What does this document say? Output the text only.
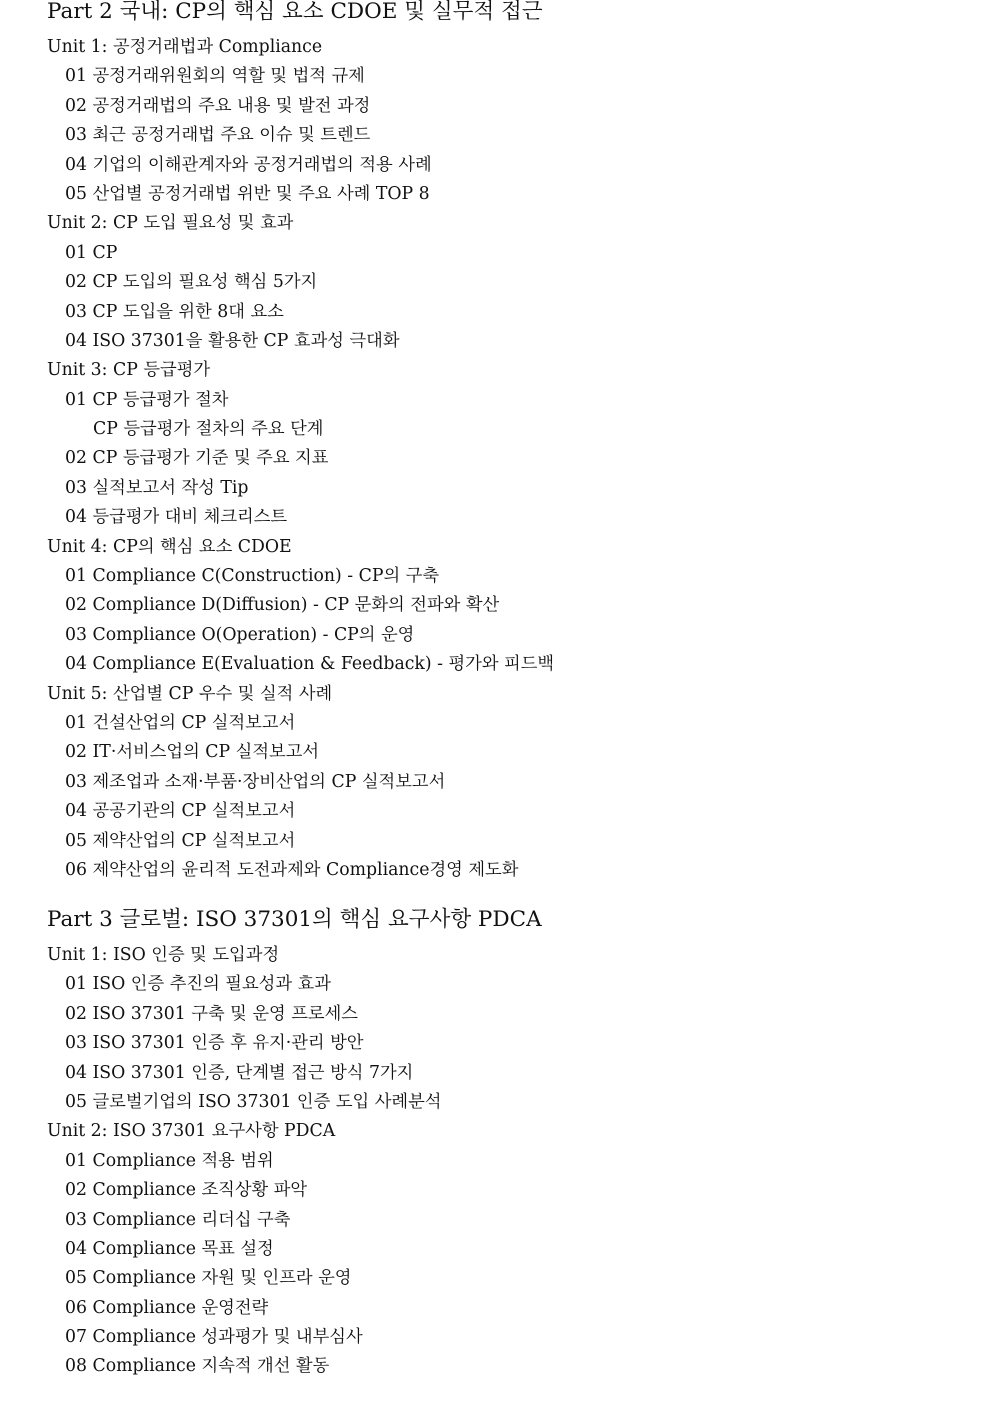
Part 2 국내: CP의 핵심 요소 CDOE 및 실무적 접근
Unit 1: 공정거래법과 Compliance
01 공정거래위원회의 역할 및 법적 규제
02 공정거래법의 주요 내용 및 발전 과정
03 최근 공정거래법 주요 이슈 및 트렌드
04 기업의 이해관계자와 공정거래법의 적용 사례
05 산업별 공정거래법 위반 및 주요 사례 TOP 8
Unit 2: CP 도입 필요성 및 효과
01 CP
02 CP 도입의 필요성 핵심 5가지
03 CP 도입을 위한 8대 요소
04 ISO 37301을 활용한 CP 효과성 극대화
Unit 3: CP 등급평가
01 CP 등급평가 절차
CP 등급평가 절차의 주요 단계
02 CP 등급평가 기준 및 주요 지표
03 실적보고서 작성 Tip
04 등급평가 대비 체크리스트
Unit 4: CP의 핵심 요소 CDOE
01 Compliance C(Construction) - CP의 구축
02 Compliance D(Diffusion) - CP 문화의 전파와 확산
03 Compliance O(Operation) - CP의 운영
04 Compliance E(Evaluation & Feedback) - 평가와 피드백
Unit 5: 산업별 CP 우수 및 실적 사례
01 건설산업의 CP 실적보고서
02 IT·서비스업의 CP 실적보고서
03 제조업과 소재·부품·장비산업의 CP 실적보고서
04 공공기관의 CP 실적보고서
05 제약산업의 CP 실적보고서
06 제약산업의 윤리적 도전과제와 Compliance경영 제도화
Part 3 글로벌: ISO 37301의 핵심 요구사항 PDCA
Unit 1: ISO 인증 및 도입과정
01 ISO 인증 추진의 필요성과 효과
02 ISO 37301 구축 및 운영 프로세스
03 ISO 37301 인증 후 유지·관리 방안
04 ISO 37301 인증, 단계별 접근 방식 7가지
05 글로벌기업의 ISO 37301 인증 도입 사례분석
Unit 2: ISO 37301 요구사항 PDCA
01 Compliance 적용 범위
02 Compliance 조직상황 파악
03 Compliance 리더십 구축
04 Compliance 목표 설정
05 Compliance 자원 및 인프라 운영
06 Compliance 운영전략
07 Compliance 성과평가 및 내부심사
08 Compliance 지속적 개선 활동
